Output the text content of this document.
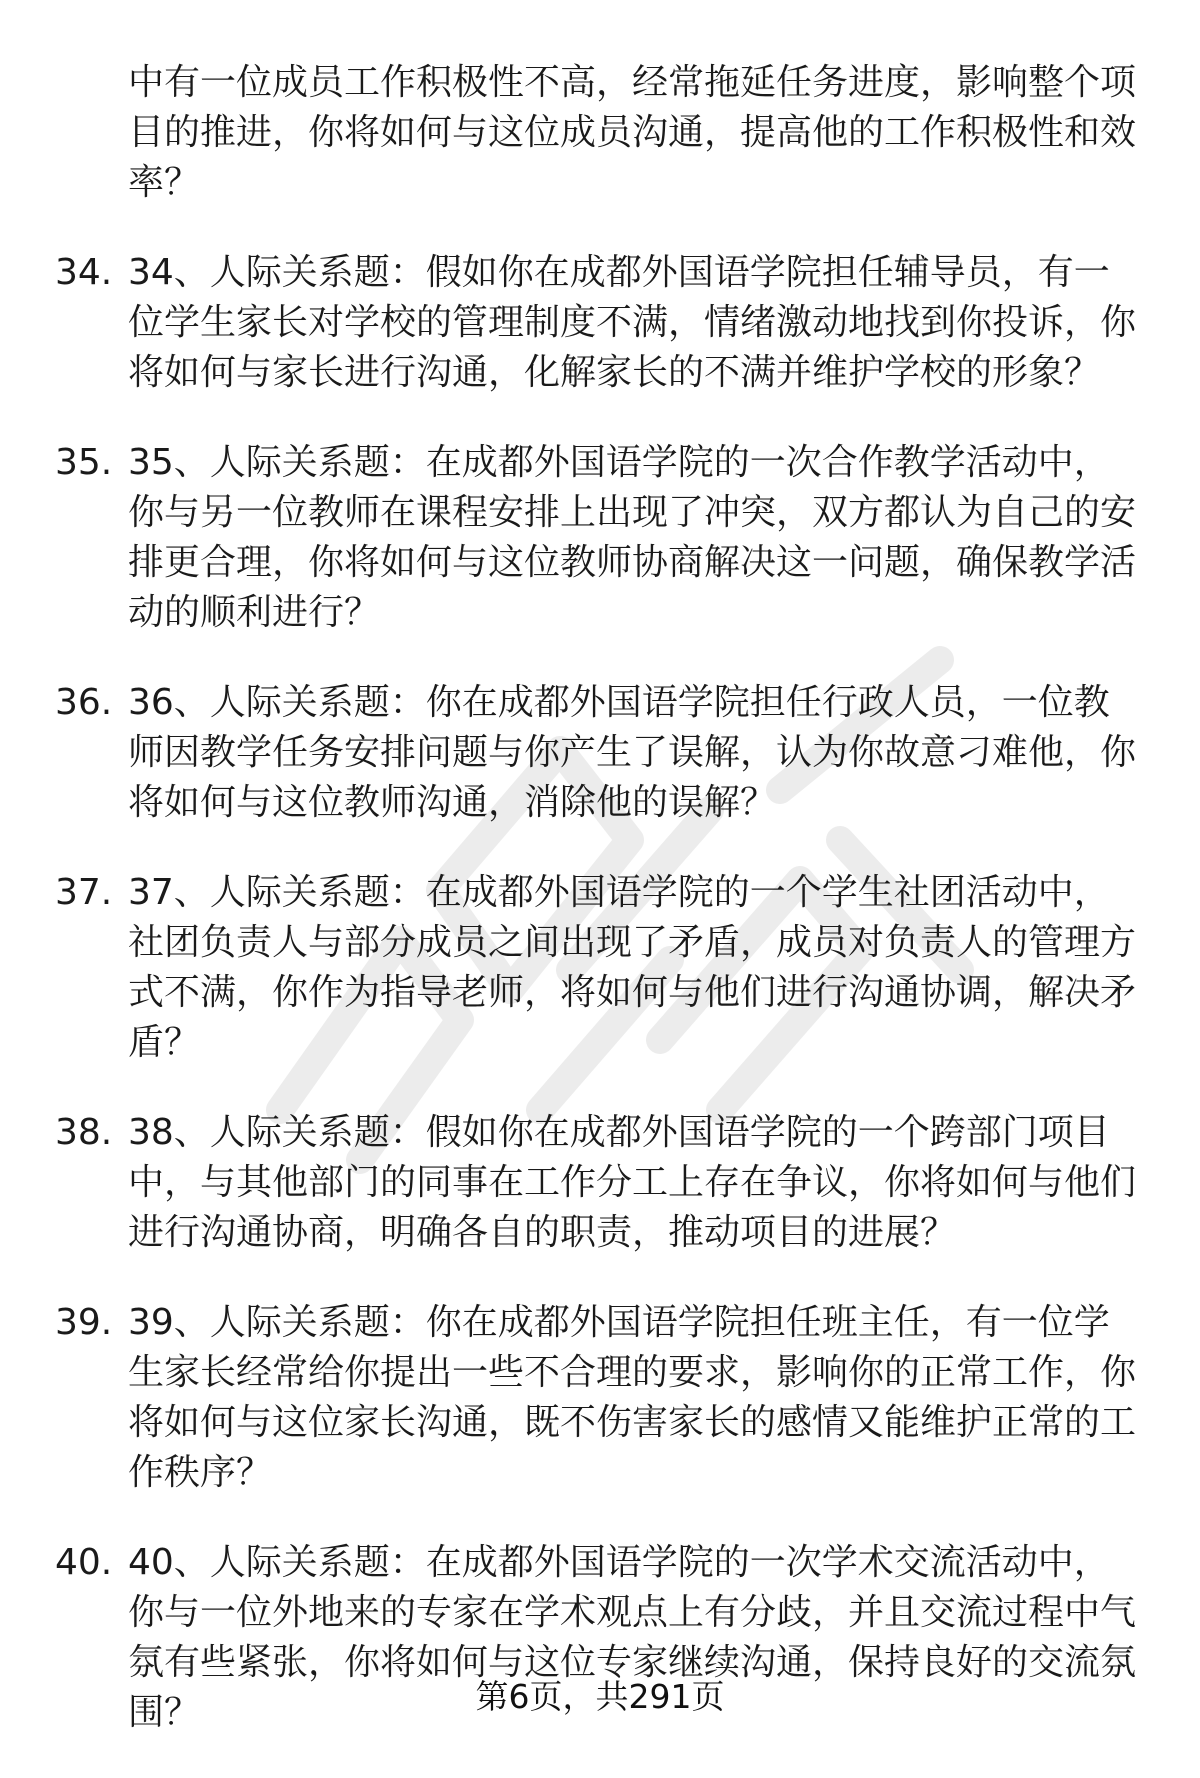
中有一位成员工作积极性不高，经常拖延任务进度，影响整个项目的推进，你将如何与这位成员沟通，提高他的工作积极性和效率？

34. 34、人际关系题：假如你在成都外国语学院担任辅导员，有一位学生家长对学校的管理制度不满，情绪激动地找到你投诉，你将如何与家长进行沟通，化解家长的不满并维护学校的形象？
35. 35、人际关系题：在成都外国语学院的一次合作教学活动中，你与另一位教师在课程安排上出现了冲突，双方都认为自己的安排更合理，你将如何与这位教师协商解决这一问题，确保教学活动的顺利进行？
36. 36、人际关系题：你在成都外国语学院担任行政人员，一位教师因教学任务安排问题与你产生了误解，认为你故意刁难他，你将如何与这位教师沟通，消除他的误解？
37. 37、人际关系题：在成都外国语学院的一个学生社团活动中，社团负责人与部分成员之间出现了矛盾，成员对负责人的管理方式不满，你作为指导老师，将如何与他们进行沟通协调，解决矛盾？
38. 38、人际关系题：假如你在成都外国语学院的一个跨部门项目中，与其他部门的同事在工作分工上存在争议，你将如何与他们进行沟通协商，明确各自的职责，推动项目的进展？
39. 39、人际关系题：你在成都外国语学院担任班主任，有一位学生家长经常给你提出一些不合理的要求，影响你的正常工作，你将如何与这位家长沟通，既不伤害家长的感情又能维护正常的工作秩序？
40. 40、人际关系题：在成都外国语学院的一次学术交流活动中，你与一位外地来的专家在学术观点上有分歧，并且交流过程中气氛有些紧张，你将如何与这位专家继续沟通，保持良好的交流氛围？	第6页，共291页
